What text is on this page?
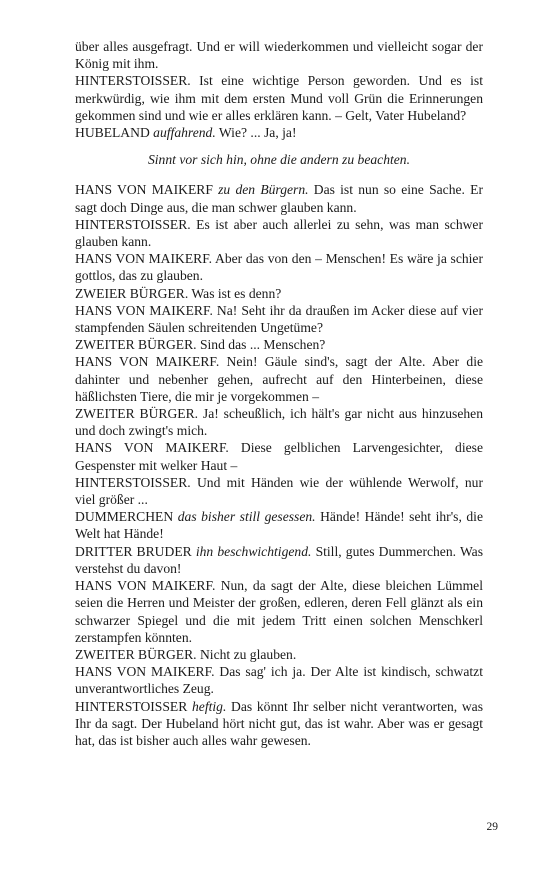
über alles ausgefragt. Und er will wiederkommen und vielleicht sogar der König mit ihm.

HINTERSTOISSER. Ist eine wichtige Person geworden. Und es ist merkwürdig, wie ihm mit dem ersten Mund voll Grün die Erinnerungen gekommen sind und wie er alles erklären kann. – Gelt, Vater Hubeland?

HUBELAND auffahrend. Wie? ... Ja, ja!

Sinnt vor sich hin, ohne die andern zu beachten.

HANS VON MAIKERF zu den Bürgern. Das ist nun so eine Sache. Er sagt doch Dinge aus, die man schwer glauben kann.

HINTERSTOISSER. Es ist aber auch allerlei zu sehn, was man schwer glauben kann.

HANS VON MAIKERF. Aber das von den – Menschen! Es wäre ja schier gottlos, das zu glauben.

ZWEIER BÜRGER. Was ist es denn?

HANS VON MAIKERF. Na! Seht ihr da draußen im Acker diese auf vier stampfenden Säulen schreitenden Ungetüme?

ZWEITER BÜRGER. Sind das ... Menschen?

HANS VON MAIKERF. Nein! Gäule sind's, sagt der Alte. Aber die dahinter und nebenher gehen, aufrecht auf den Hinterbeinen, diese häßlichsten Tiere, die mir je vorgekommen –

ZWEITER BÜRGER. Ja! scheußlich, ich hält's gar nicht aus hinzusehen und doch zwingt's mich.

HANS VON MAIKERF. Diese gelblichen Larvengesichter, diese Gespenster mit welker Haut –

HINTERSTOISSER. Und mit Händen wie der wühlende Werwolf, nur viel größer ...

DUMMERCHEN das bisher still gesessen. Hände! Hände! seht ihr's, die Welt hat Hände!

DRITTER BRUDER ihn beschwichtigend. Still, gutes Dummerchen. Was verstehst du davon!

HANS VON MAIKERF. Nun, da sagt der Alte, diese bleichen Lümmel seien die Herren und Meister der großen, edleren, deren Fell glänzt als ein schwarzer Spiegel und die mit jedem Tritt einen solchen Menschkerl zerstampfen könnten.

ZWEITER BÜRGER. Nicht zu glauben.

HANS VON MAIKERF. Das sag' ich ja. Der Alte ist kindisch, schwatzt unverantwortliches Zeug.

HINTERSTOISSER heftig. Das könnt Ihr selber nicht verantworten, was Ihr da sagt. Der Hubeland hört nicht gut, das ist wahr. Aber was er gesagt hat, das ist bisher auch alles wahr gewesen.

29
